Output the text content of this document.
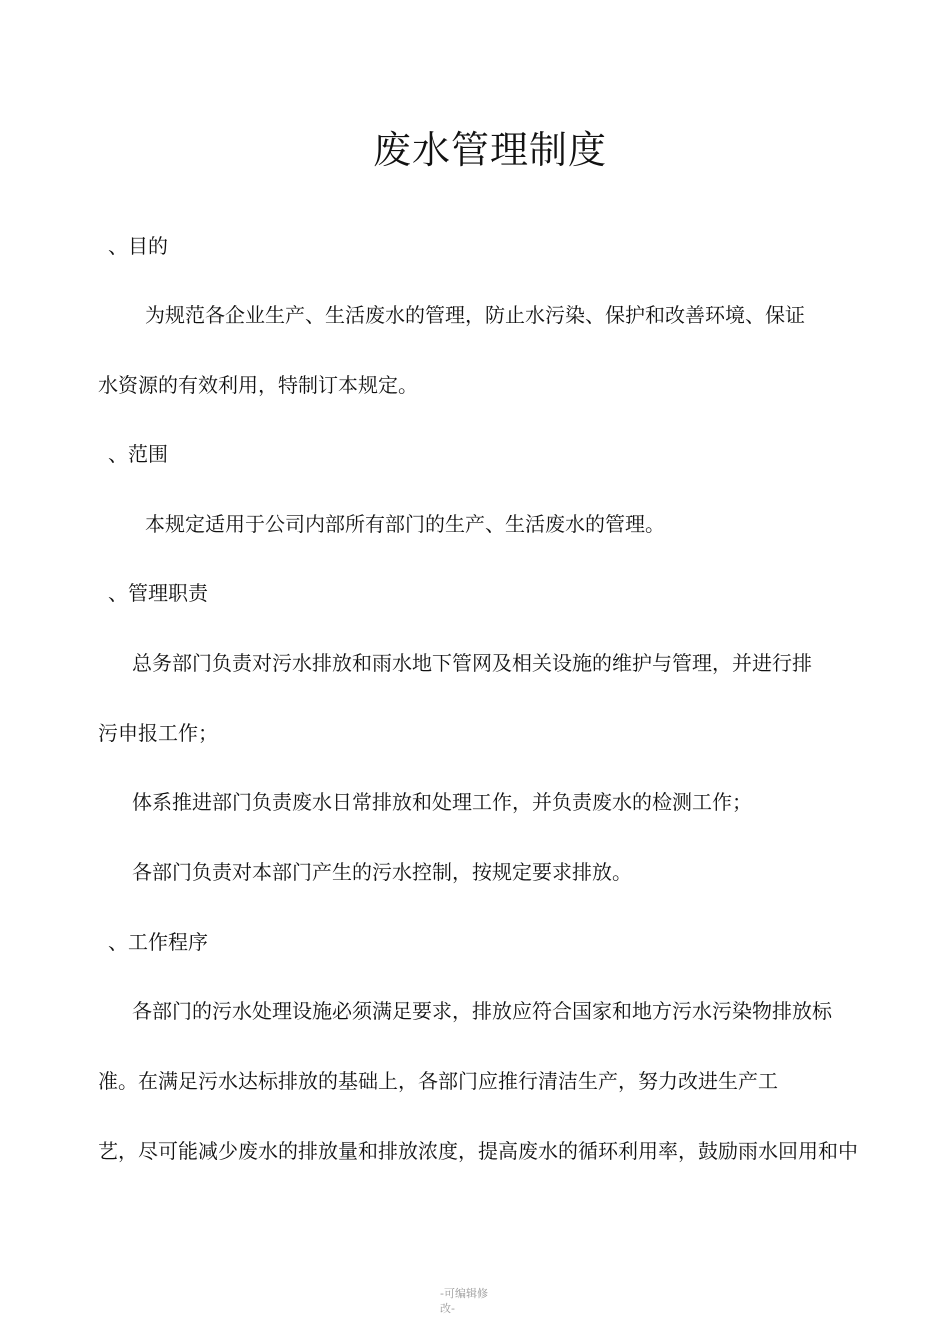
废水管理制度
、目的
为规范各企业生产、生活废水的管理，防止水污染、保护和改善环境、保证
水资源的有效利用，特制订本规定。
、范围
本规定适用于公司内部所有部门的生产、生活废水的管理。
、管理职责
总务部门负责对污水排放和雨水地下管网及相关设施的维护与管理，并进行排
污申报工作；
体系推进部门负责废水日常排放和处理工作，并负责废水的检测工作；
各部门负责对本部门产生的污水控制，按规定要求排放。
、工作程序
各部门的污水处理设施必须满足要求，排放应符合国家和地方污水污染物排放标
准。在满足污水达标排放的基础上，各部门应推行清洁生产，努力改进生产工
艺，尽可能减少废水的排放量和排放浓度，提高废水的循环利用率，鼓励雨水回用和中
-可编辑修改-
